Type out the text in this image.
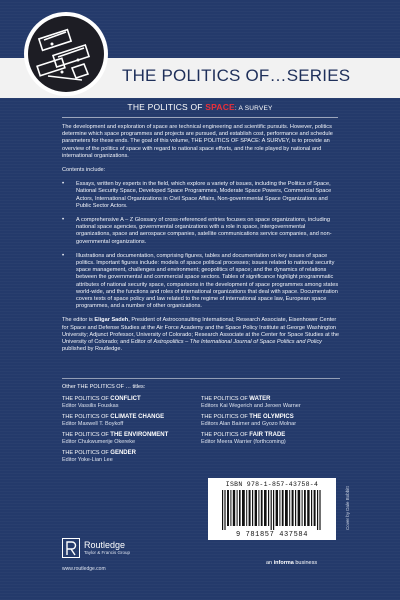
THE POLITICS OF…SERIES
THE POLITICS OF SPACE: A SURVEY

The development and exploration of space are technical engineering and scientific pursuits. However, politics determine which space programmes and projects are pursued, and establish cost, performance and schedule parameters for these ends. The goal of this volume, THE POLITICS OF SPACE: A SURVEY, is to provide an overview of the politics of space with regard to national space efforts, and the role played by national and international organizations.

Contents include:

• Essays, written by experts in the field, which explore a variety of issues, including the Politics of Space, National Security Space, Developed Space Programmes, Moderate Space Powers, Commercial Space Actors, International Organizations in Civil Space Affairs, Non-governmental Space Organizations and Public Sector Actors.
• A comprehensive A – Z Glossary of cross-referenced entries focuses on space organizations, including national space agencies, governmental organizations with a role in space, intergovernmental organizations, space and aerospace companies, satellite communications service companies, and non-governmental organizations.
• Illustrations and documentation, comprising figures, tables and documentation on key issues of space politics. Important figures include: models of space political processes; issues related to national security space management, challenges and environment; geopolitics of space; and the dynamics of relations between the governmental and commercial space sectors. Tables of significance highlight programmatic attributes of national security space, comparisons in the development of space programmes among states world-wide, and the functions and roles of international organizations that deal with space. Documentation covers texts of space policy and law related to the regime of international space law, European space programmes, and a number of other organizations.

The editor is Eligar Sadeh, President of Astroconsulting International; Research Associate, Eisenhower Center for Space and Defense Studies at the Air Force Academy and the Space Policy Institute at George Washington University; Adjunct Professor, University of Colorado; Research Associate at the Center for Space Studies at the University of Colorado; and Editor of Astropolitics – The International Journal of Space Politics and Policy published by Routledge.

Other THE POLITICS OF … titles:
THE POLITICS OF CONFLICT
Editor Vassilis Fouskas
THE POLITICS OF CLIMATE CHANGE
Editor Maxwell T. Boykoff
THE POLITICS OF THE ENVIRONMENT
Editor Chukwumerije Okereke
THE POLITICS OF GENDER
Editor Yoke-Lian Lee
THE POLITICS OF WATER
Editors Kai Wegerich and Jeroen Warner
THE POLITICS OF THE OLYMPICS
Editors Alan Bairner and Gyozo Molnar
THE POLITICS OF FAIR TRADE
Editor Meera Warrier (forthcoming)
ISBN 978-1-857-43758-4
9 781857 437584
Cover by Dale Bobbitt
Routledge
Taylor & Francis Group
www.routledge.com
an informa business
